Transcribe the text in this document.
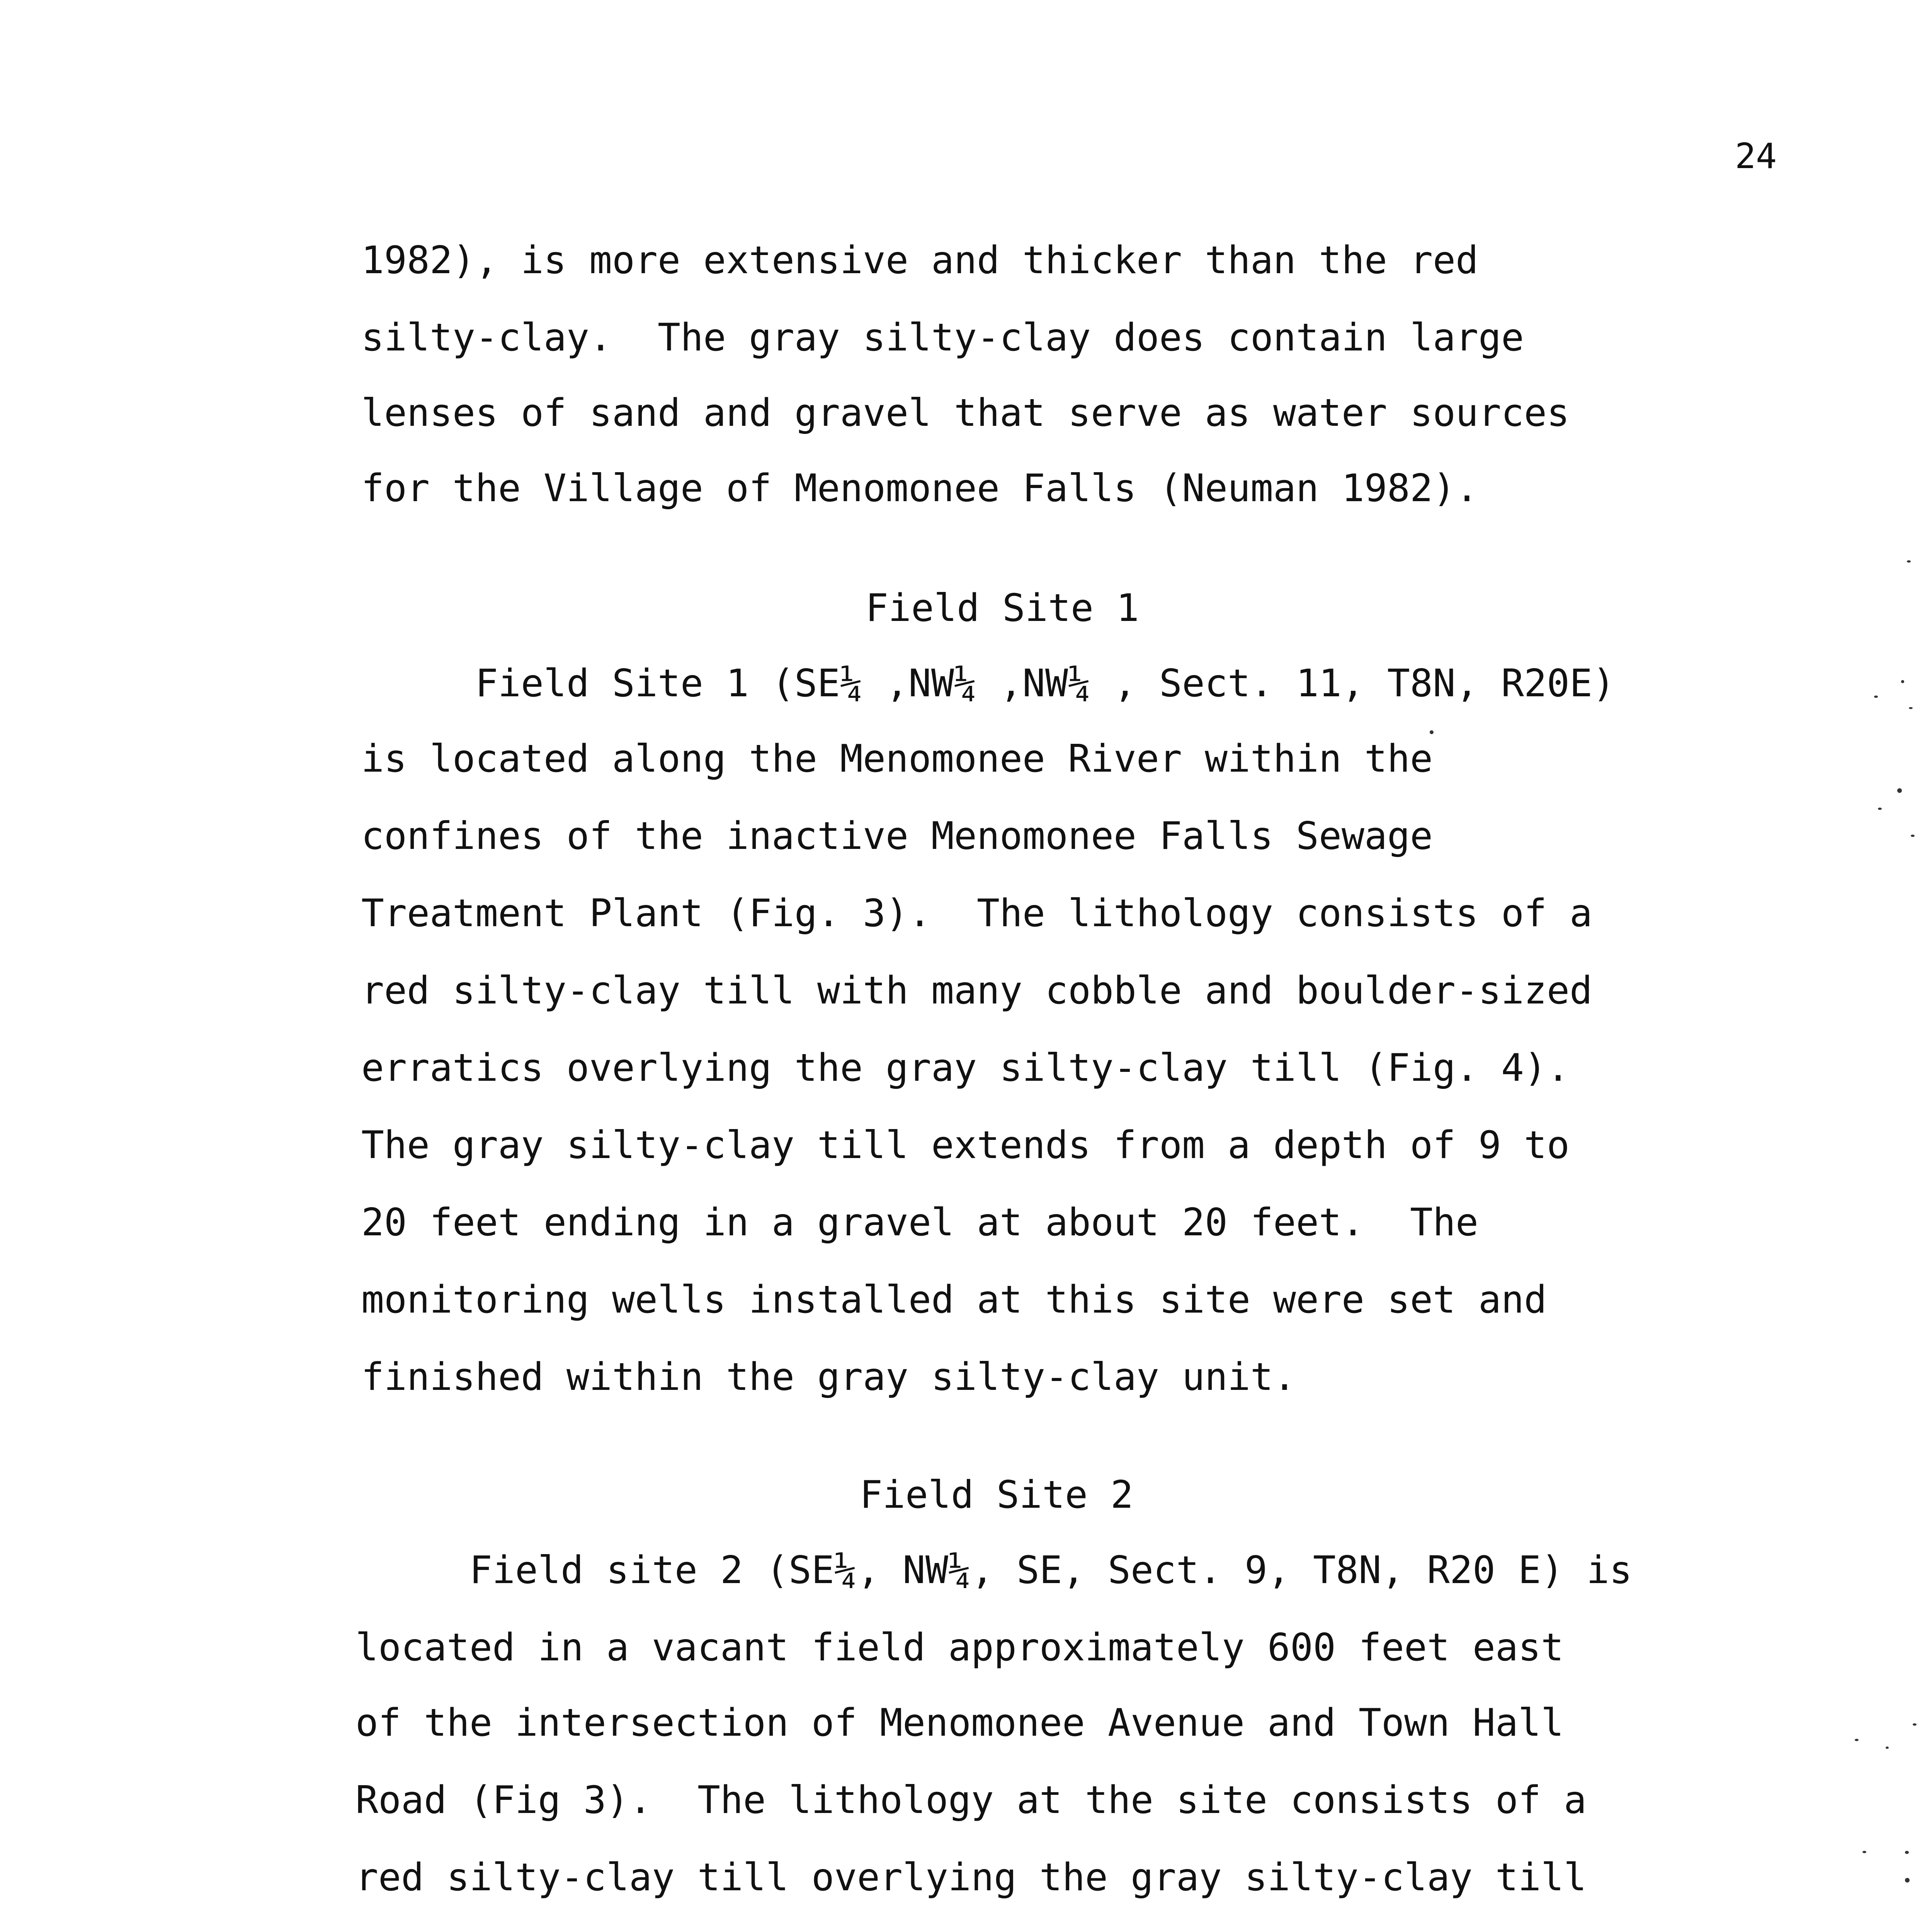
24
1982), is more extensive and thicker than the red
silty-clay.  The gray silty-clay does contain large
lenses of sand and gravel that serve as water sources
for the Village of Menomonee Falls (Neuman 1982).
Field Site 1
Field Site 1 (SE¼ ,NW¼ ,NW¼ , Sect. 11, T8N, R20E)
is located along the Menomonee River within the
confines of the inactive Menomonee Falls Sewage
Treatment Plant (Fig. 3).  The lithology consists of a
red silty-clay till with many cobble and boulder-sized
erratics overlying the gray silty-clay till (Fig. 4).
The gray silty-clay till extends from a depth of 9 to
20 feet ending in a gravel at about 20 feet.  The
monitoring wells installed at this site were set and
finished within the gray silty-clay unit.
Field Site 2
Field site 2 (SE¼, NW¼, SE, Sect. 9, T8N, R20 E) is
located in a vacant field approximately 600 feet east
of the intersection of Menomonee Avenue and Town Hall
Road (Fig 3).  The lithology at the site consists of a
red silty-clay till overlying the gray silty-clay till
